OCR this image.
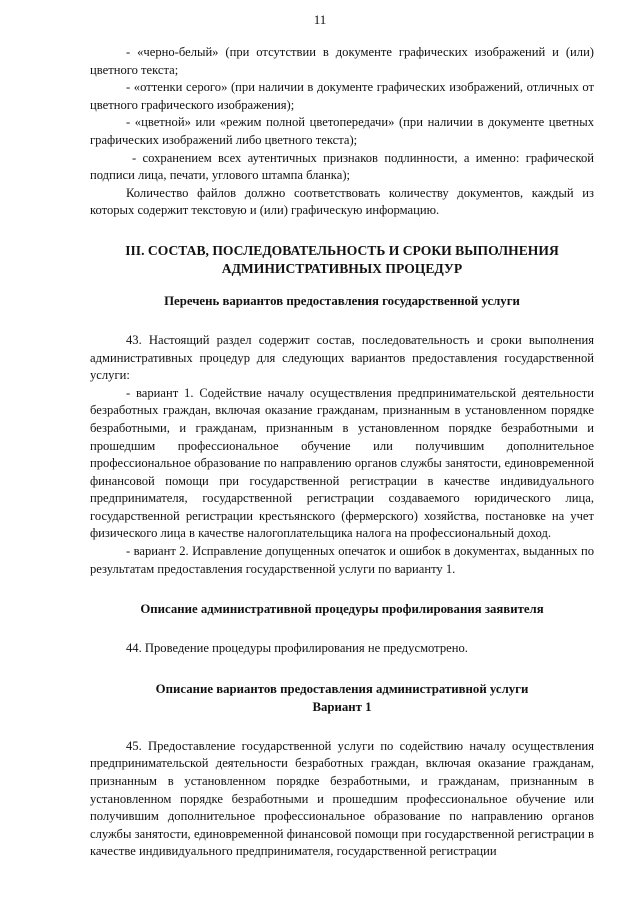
11

- «черно-белый» (при отсутствии в документе графических изображений и (или) цветного текста;

- «оттенки серого» (при наличии в документе графических изображений, отличных от цветного графического изображения);

- «цветной» или «режим полной цветопередачи» (при наличии в документе цветных графических изображений либо цветного текста);

- сохранением всех аутентичных признаков подлинности, а именно: графической подписи лица, печати, углового штампа бланка);

Количество файлов должно соответствовать количеству документов, каждый из которых содержит текстовую и (или) графическую информацию.

III. СОСТАВ, ПОСЛЕДОВАТЕЛЬНОСТЬ И СРОКИ ВЫПОЛНЕНИЯ
АДМИНИСТРАТИВНЫХ ПРОЦЕДУР

Перечень вариантов предоставления государственной услуги

43. Настоящий раздел содержит состав, последовательность и сроки выполнения административных процедур для следующих вариантов предоставления государственной услуги:

- вариант 1. Содействие началу осуществления предпринимательской деятельности безработных граждан, включая оказание гражданам, признанным в установленном порядке безработными, и гражданам, признанным в установленном порядке безработными и прошедшим профессиональное обучение или получившим дополнительное профессиональное образование по направлению органов службы занятости, единовременной финансовой помощи при государственной регистрации в качестве индивидуального предпринимателя, государственной регистрации создаваемого юридического лица, государственной регистрации крестьянского (фермерского) хозяйства, постановке на учет физического лица в качестве налогоплательщика налога на профессиональный доход.

- вариант 2. Исправление допущенных опечаток и ошибок в документах, выданных по результатам предоставления государственной услуги по варианту 1.

Описание административной процедуры профилирования заявителя

44. Проведение процедуры профилирования не предусмотрено.

Описание вариантов предоставления административной услуги

Вариант 1

45. Предоставление государственной услуги по содействию началу осуществления предпринимательской деятельности безработных граждан, включая оказание гражданам, признанным в установленном порядке безработными, и гражданам, признанным в установленном порядке безработными и прошедшим профессиональное обучение или получившим дополнительное профессиональное образование по направлению органов службы занятости, единовременной финансовой помощи при государственной регистрации в качестве индивидуального предпринимателя, государственной регистрации
